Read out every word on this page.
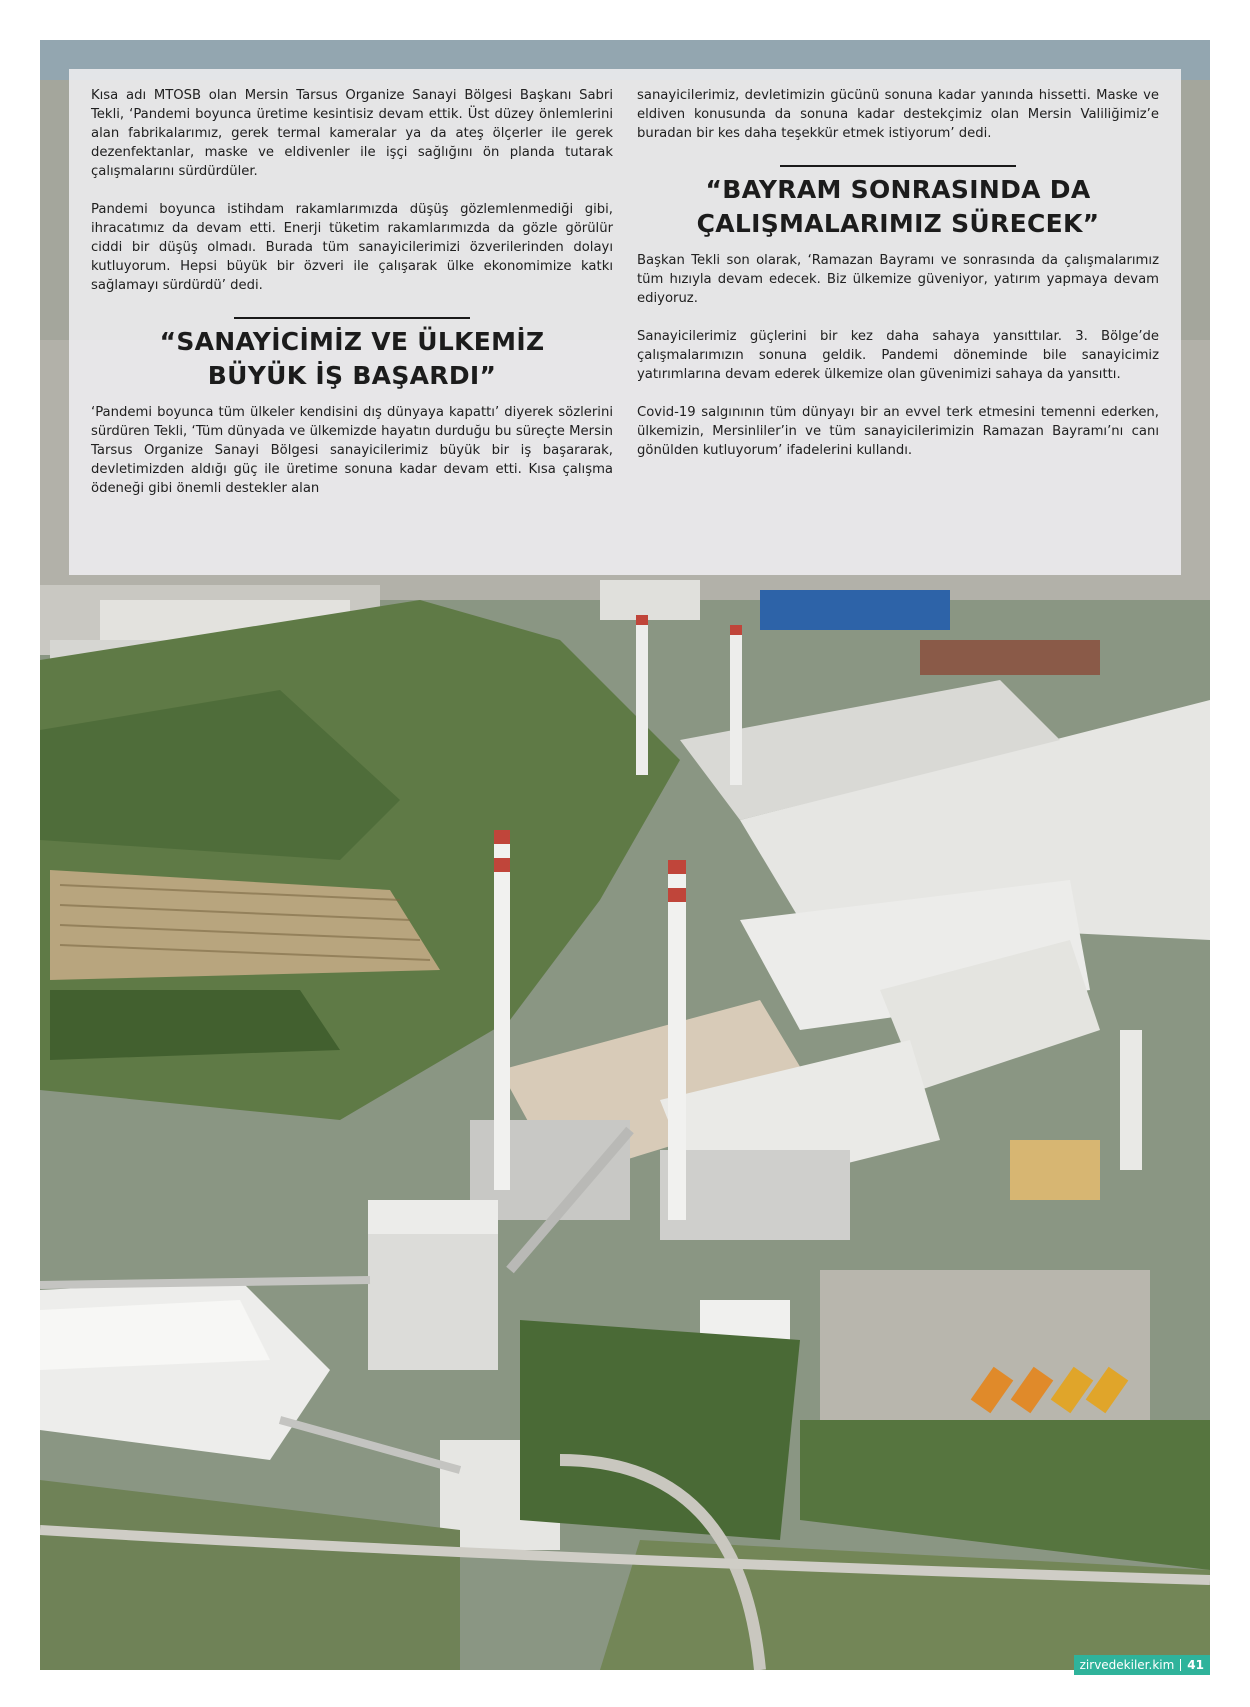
Kısa adı MTOSB olan Mersin Tarsus Organize Sanayi Bölgesi Başkanı Sabri Tekli, ‘Pandemi boyunca üretime kesintisiz devam ettik. Üst düzey önlemlerini alan fabrikalarımız, gerek termal kameralar ya da ateş ölçerler ile gerek dezenfektanlar, maske ve eldivenler ile işçi sağlığını ön planda tutarak çalışmalarını sürdürdüler.

Pandemi boyunca istihdam rakamlarımızda düşüş gözlemlenmediği gibi, ihracatımız da devam etti. Enerji tüketim rakamlarımızda da gözle görülür ciddi bir düşüş olmadı. Burada tüm sanayicilerimizi özverilerinden dolayı kutluyorum. Hepsi büyük bir özveri ile çalışarak ülke ekonomimize katkı sağlamayı sürdürdü’ dedi.

“SANAYİCİMİZ VE ÜLKEMİZ
BÜYÜK İŞ BAŞARDI”

‘Pandemi boyunca tüm ülkeler kendisini dış dünyaya kapattı’ diyerek sözlerini sürdüren Tekli, ‘Tüm dünyada ve ülkemizde hayatın durduğu bu süreçte Mersin Tarsus Organize Sanayi Bölgesi sanayicilerimiz büyük bir iş başararak, devletimizden aldığı güç ile üretime sonuna kadar devam etti. Kısa çalışma ödeneği gibi önemli destekler alan

sanayicilerimiz, devletimizin gücünü sonuna kadar yanında hissetti. Maske ve eldiven konusunda da sonuna kadar destekçimiz olan Mersin Valiliğimiz’e buradan bir kes daha teşekkür etmek istiyorum’ dedi.

“BAYRAM SONRASINDA DA
ÇALIŞMALARIMIZ SÜRECEK”

Başkan Tekli son olarak, ‘Ramazan Bayramı ve sonrasında da çalışmalarımız tüm hızıyla devam edecek. Biz ülkemize güveniyor, yatırım yapmaya devam ediyoruz.

Sanayicilerimiz güçlerini bir kez daha sahaya yansıttılar. 3. Bölge’de çalışmalarımızın sonuna geldik. Pandemi döneminde bile sanayicimiz yatırımlarına devam ederek ülkemize olan güvenimizi sahaya da yansıttı.

Covid-19 salgınının tüm dünyayı bir an evvel terk etmesini temenni ederken, ülkemizin, Mersinliler’in ve tüm sanayicilerimizin Ramazan Bayramı’nı canı gönülden kutluyorum’ ifadelerini kullandı.

zirvedekiler.kim 41
